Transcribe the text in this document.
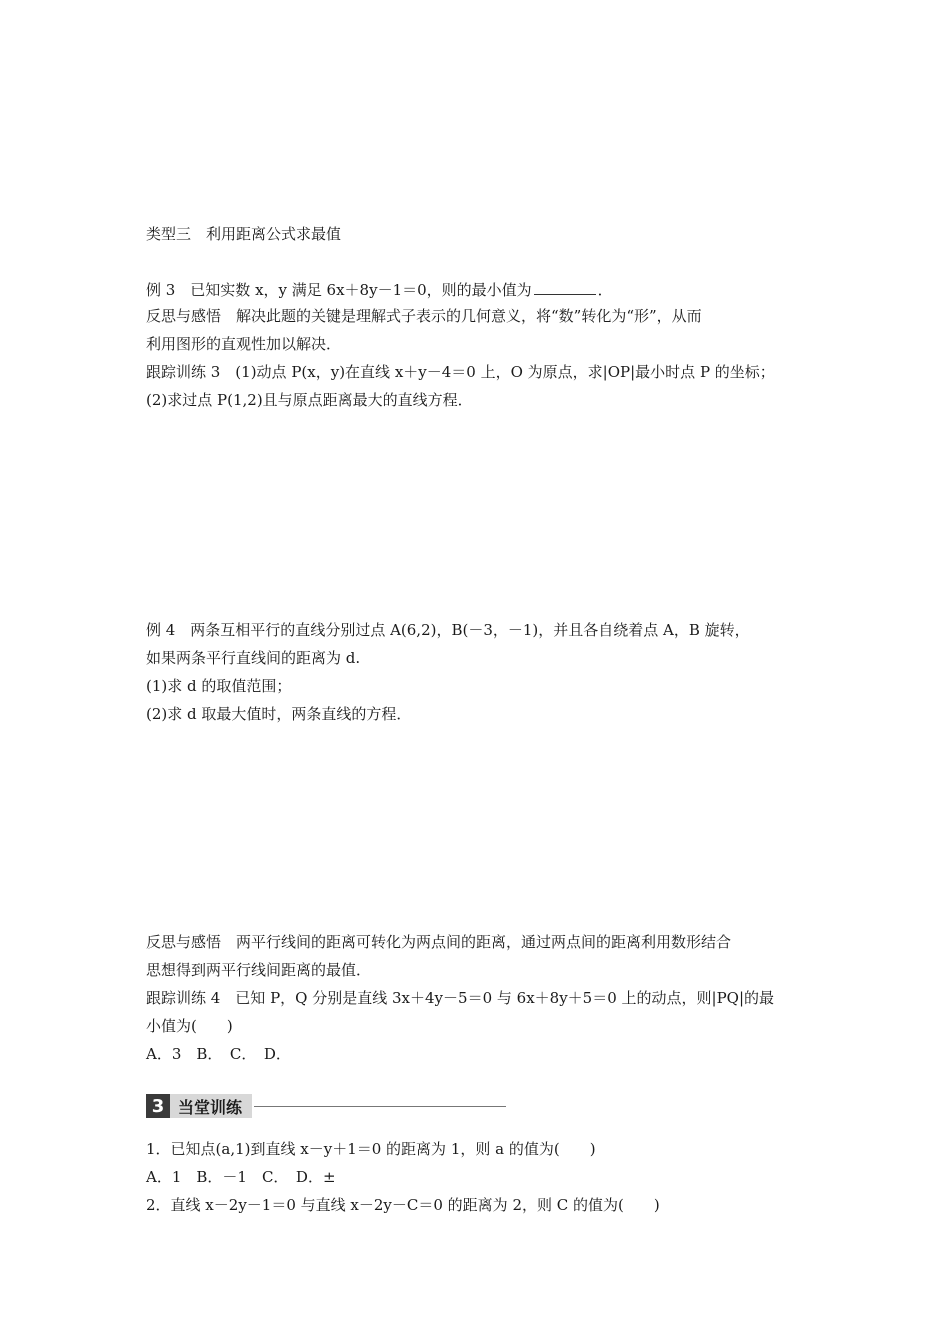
类型三　利用距离公式求最值
例 3　已知实数 x，y 满足 6x＋8y－1＝0，则的最小值为	．
反思与感悟　解决此题的关键是理解式子表示的几何意义，将“数”转化为“形”，从而
利用图形的直观性加以解决．
跟踪训练 3　(1)动点 P(x，y)在直线 x＋y－4＝0 上，O 为原点，求|OP|最小时点 P 的坐标；
(2)求过点 P(1,2)且与原点距离最大的直线方程．
例 4　两条互相平行的直线分别过点 A(6,2)，B(－3，－1)，并且各自绕着点 A，B 旋转，
如果两条平行直线间的距离为 d.
(1)求 d 的取值范围；
(2)求 d 取最大值时，两条直线的方程．
反思与感悟　两平行线间的距离可转化为两点间的距离，通过两点间的距离利用数形结合
思想得到两平行线间距离的最值．
跟踪训练 4　已知 P，Q 分别是直线 3x＋4y－5＝0 与 6x＋8y＋5＝0 上的动点，则|PQ|的最
小值为(　　)
A．3　B．　C．　D．
1．已知点(a,1)到直线 x－y＋1＝0 的距离为 1，则 a 的值为(　　)
A．1　B．－1　C．　D．±
2．直线 x－2y－1＝0 与直线 x－2y－C＝0 的距离为 2，则 C 的值为(　　)
3 当堂训练
